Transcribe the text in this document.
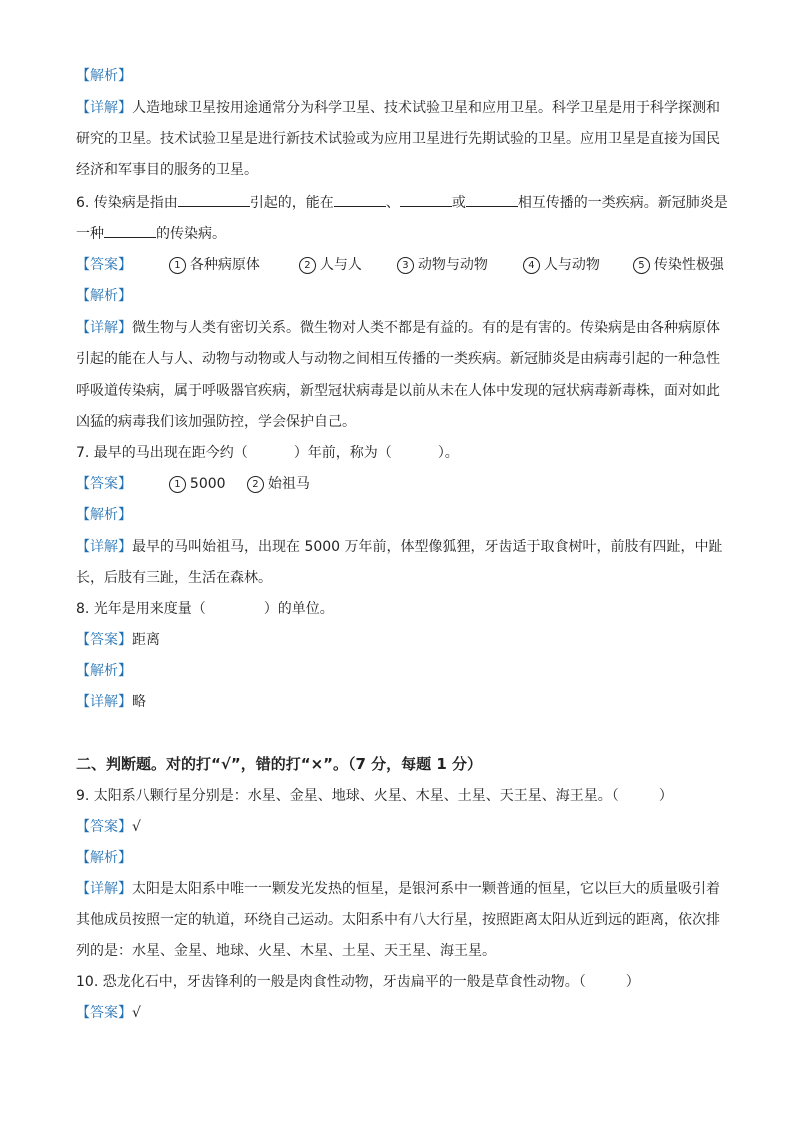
【解析】
【详解】人造地球卫星按用途通常分为科学卫星、技术试验卫星和应用卫星。科学卫星是用于科学探测和
研究的卫星。技术试验卫星是进行新技术试验或为应用卫星进行先期试验的卫星。应用卫星是直接为国民
经济和军事目的服务的卫星。
6. 传染病是指由	引起的，能在	、	或	相互传播的一类疾病。新冠肺炎是
一种	的传染病。
【答案】	1 各种病原体	2 人与人	3 动物与动物	4 人与动物	5 传染性极强
【解析】
【详解】微生物与人类有密切关系。微生物对人类不都是有益的。有的是有害的。传染病是由各种病原体
引起的能在人与人、动物与动物或人与动物之间相互传播的一类疾病。新冠肺炎是由病毒引起的一种急性
呼吸道传染病，属于呼吸器官疾病，新型冠状病毒是以前从未在人体中发现的冠状病毒新毒株，面对如此
凶猛的病毒我们该加强防控，学会保护自己。
7. 最早的马出现在距今约（	）年前，称为（	）。
【答案】	1 5000	2 始祖马
【解析】
【详解】最早的马叫始祖马，出现在 5000 万年前，体型像狐狸，牙齿适于取食树叶，前肢有四趾，中趾
长，后肢有三趾，生活在森林。
8. 光年是用来度量（	）的单位。
【答案】距离
【解析】
【详解】略
二、判断题。对的打“√”，错的打“×”。（7 分，每题 1 分）
9. 太阳系八颗行星分别是：水星、金星、地球、火星、木星、土星、天王星、海王星。（	）
【答案】√
【解析】
【详解】太阳是太阳系中唯一一颗发光发热的恒星，是银河系中一颗普通的恒星，它以巨大的质量吸引着
其他成员按照一定的轨道，环绕自己运动。太阳系中有八大行星，按照距离太阳从近到远的距离，依次排
列的是：水星、金星、地球、火星、木星、土星、天王星、海王星。
10. 恐龙化石中，牙齿锋利的一般是肉食性动物，牙齿扁平的一般是草食性动物。（	）
【答案】√
